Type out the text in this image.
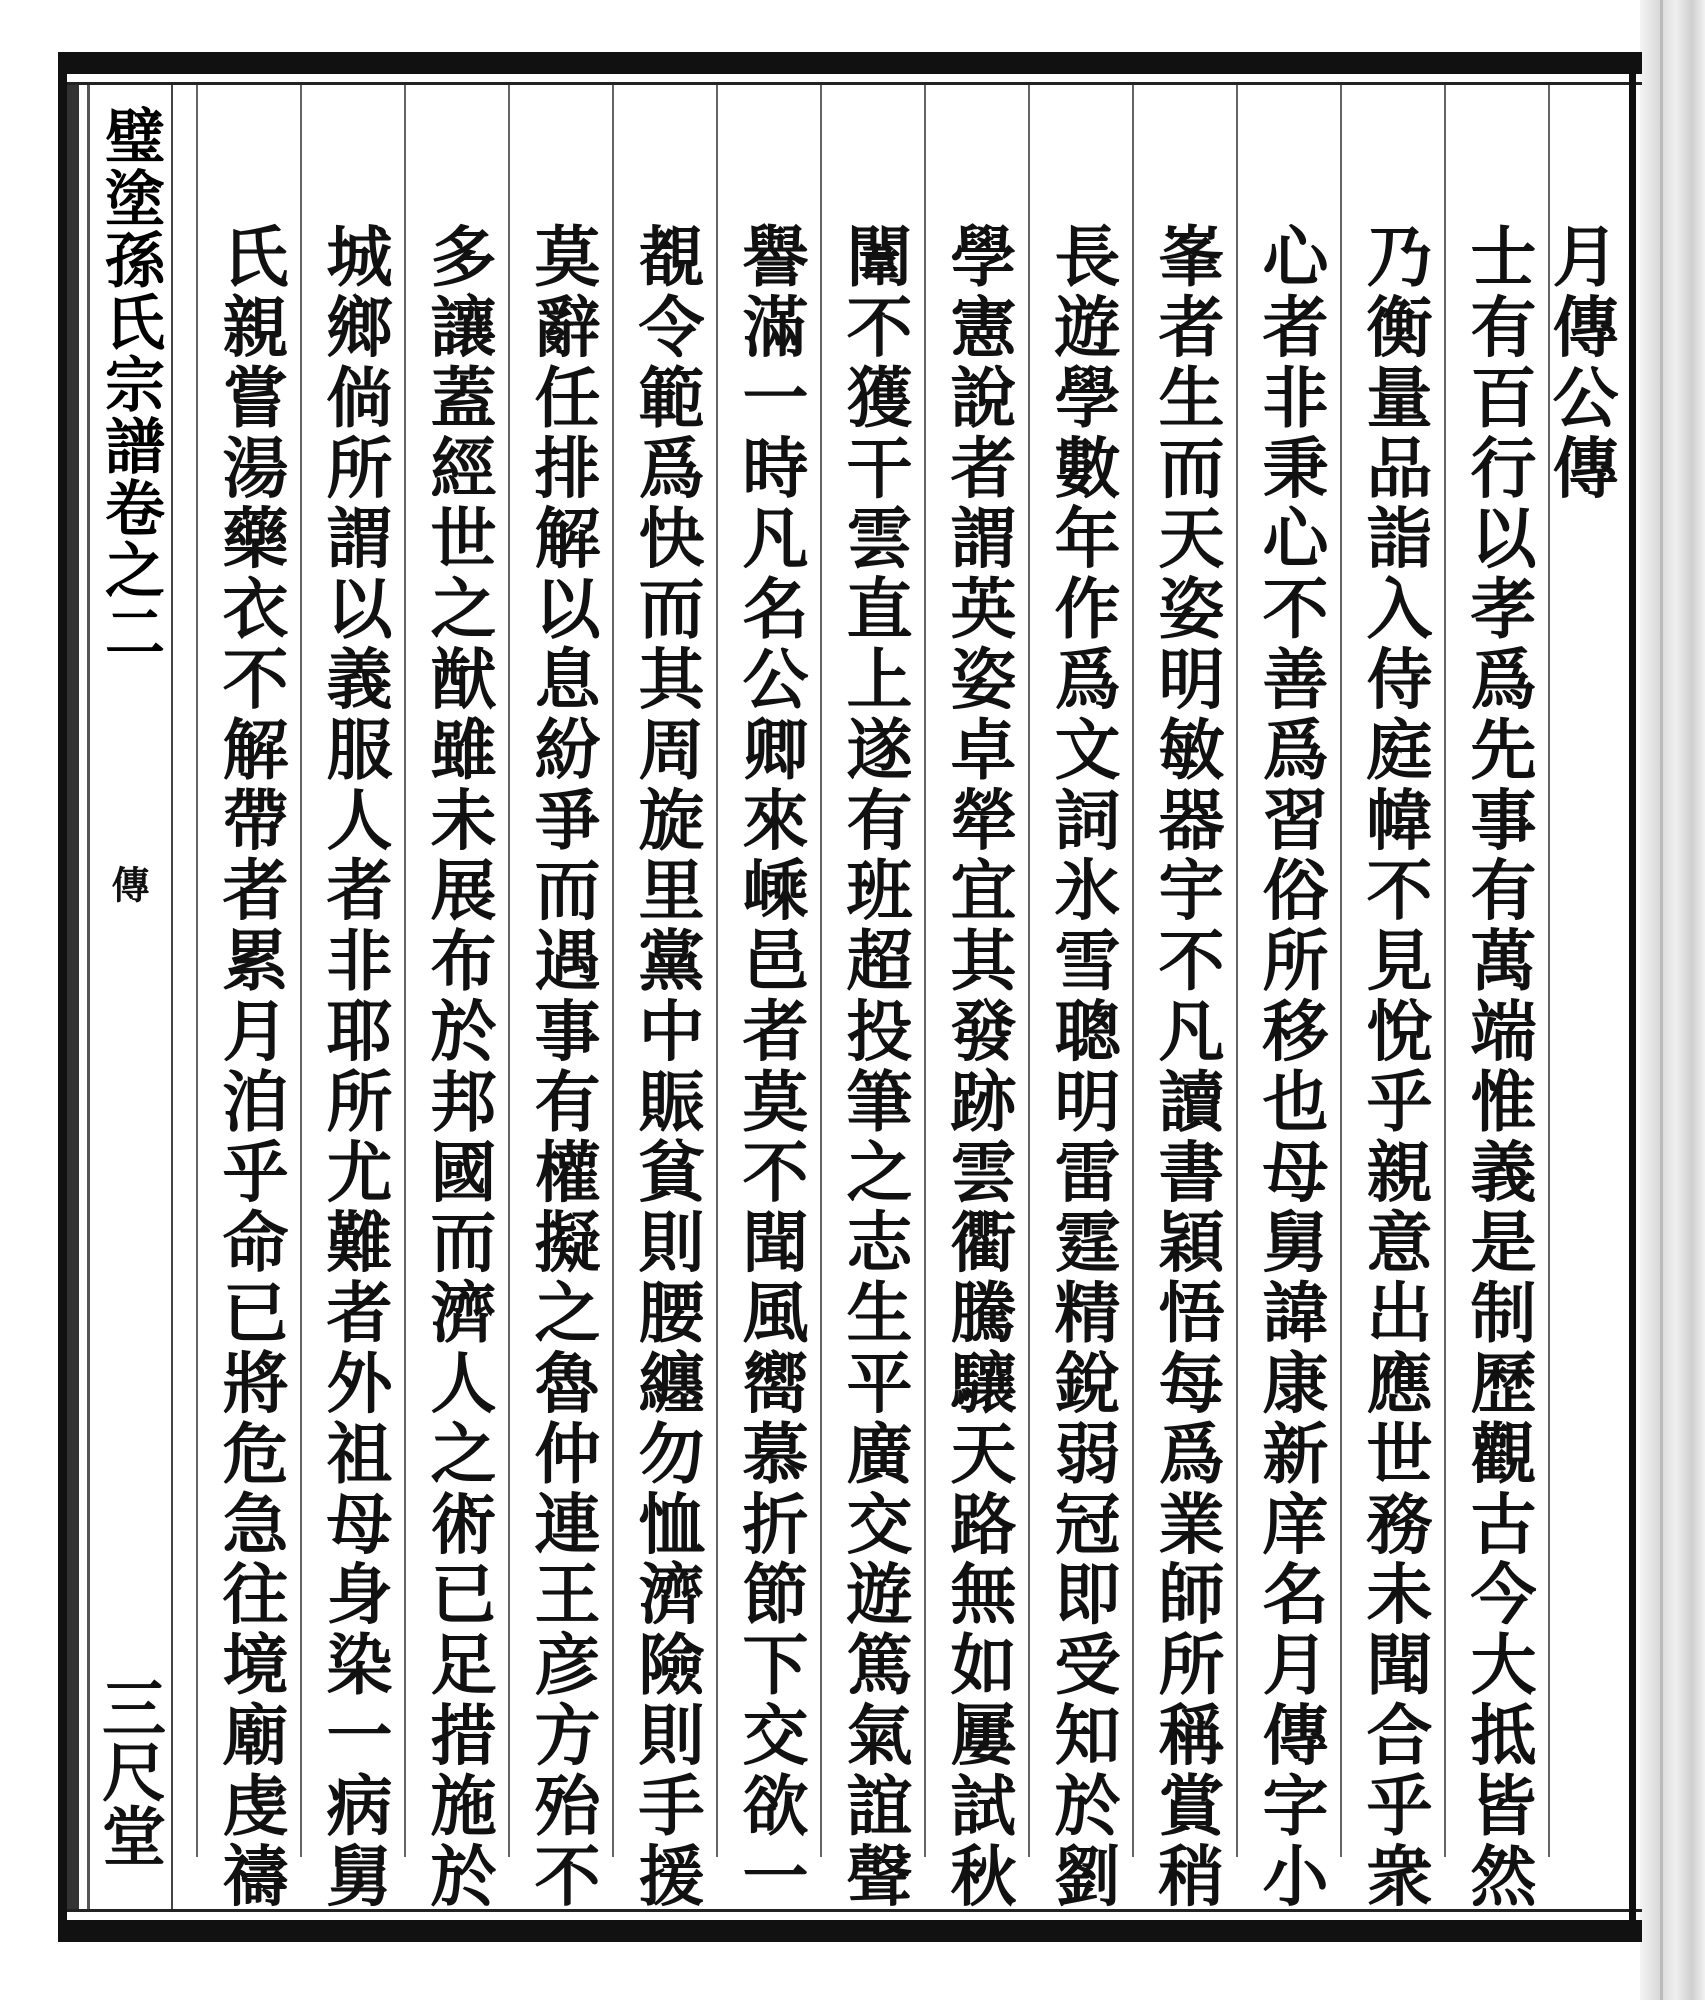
璧塗孫氏宗譜卷之二
傳
三尺堂	士有百行以孝爲先事有萬端惟義是制歷觀古今大抵皆然
乃衡量品詣入侍庭幃不見悅乎親意出應世務未聞合乎衆
心者非秉心不善爲習俗所移也母舅諱康新庠名月傳字小
峯者生而天姿明敏器宇不凡讀書穎悟每爲業師所稱賞稍
長遊學數年作爲文詞氷雪聰明雷霆精銳弱冠即受知於劉
學憲說者謂英姿卓犖宜其發跡雲衢騰驤天路無如屢試秋
闈不獲干雲直上遂有班超投筆之志生平廣交遊篤氣誼聲
譽滿一時凡名公卿來嵊邑者莫不聞風嚮慕折節下交欲一
覩令範爲快而其周旋里黨中賑貧則腰纏勿恤濟險則手援
莫辭任排解以息紛爭而遇事有權擬之魯仲連王彦方殆不
多讓蓋經世之猷雖未展布於邦國而濟人之術已足措施於
城鄉倘所謂以義服人者非耶所尤難者外祖母身染一病舅
氏親嘗湯藥衣不解帶者累月洎乎命已將危急往境廟虔禱	月傳公傳
